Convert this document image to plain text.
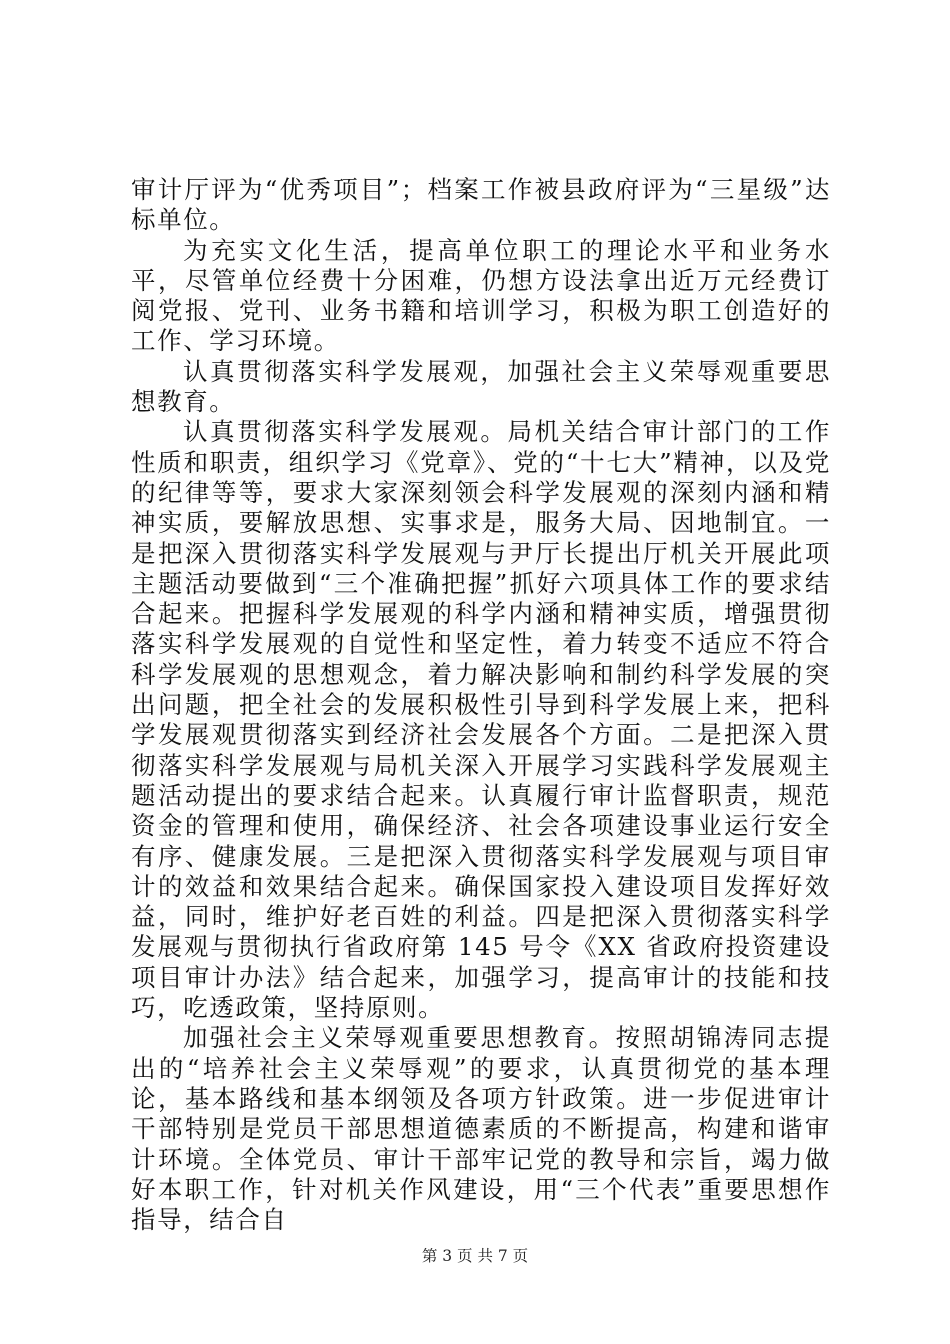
审计厅评为“优秀项目”；档案工作被县政府评为“三星级”达标单位。

为充实文化生活，提高单位职工的理论水平和业务水平，尽管单位经费十分困难，仍想方设法拿出近万元经费订阅党报、党刊、业务书籍和培训学习，积极为职工创造好的工作、学习环境。

认真贯彻落实科学发展观，加强社会主义荣辱观重要思想教育。

认真贯彻落实科学发展观。局机关结合审计部门的工作性质和职责，组织学习《党章》、党的“十七大”精神，以及党的纪律等等，要求大家深刻领会科学发展观的深刻内涵和精神实质，要解放思想、实事求是，服务大局、因地制宜。一是把深入贯彻落实科学发展观与尹厅长提出厅机关开展此项主题活动要做到“三个准确把握”抓好六项具体工作的要求结合起来。把握科学发展观的科学内涵和精神实质，增强贯彻落实科学发展观的自觉性和坚定性，着力转变不适应不符合科学发展观的思想观念，着力解决影响和制约科学发展的突出问题，把全社会的发展积极性引导到科学发展上来，把科学发展观贯彻落实到经济社会发展各个方面。二是把深入贯彻落实科学发展观与局机关深入开展学习实践科学发展观主题活动提出的要求结合起来。认真履行审计监督职责，规范资金的管理和使用，确保经济、社会各项建设事业运行安全有序、健康发展。三是把深入贯彻落实科学发展观与项目审计的效益和效果结合起来。确保国家投入建设项目发挥好效益，同时，维护好老百姓的利益。四是把深入贯彻落实科学发展观与贯彻执行省政府第 145 号令《XX 省政府投资建设项目审计办法》结合起来，加强学习，提高审计的技能和技巧，吃透政策，坚持原则。

加强社会主义荣辱观重要思想教育。按照胡锦涛同志提出的“培养社会主义荣辱观”的要求，认真贯彻党的基本理论，基本路线和基本纲领及各项方针政策。进一步促进审计干部特别是党员干部思想道德素质的不断提高，构建和谐审计环境。全体党员、审计干部牢记党的教导和宗旨，竭力做好本职工作，针对机关作风建设，用“三个代表”重要思想作指导，结合自

第 3 页 共 7 页
